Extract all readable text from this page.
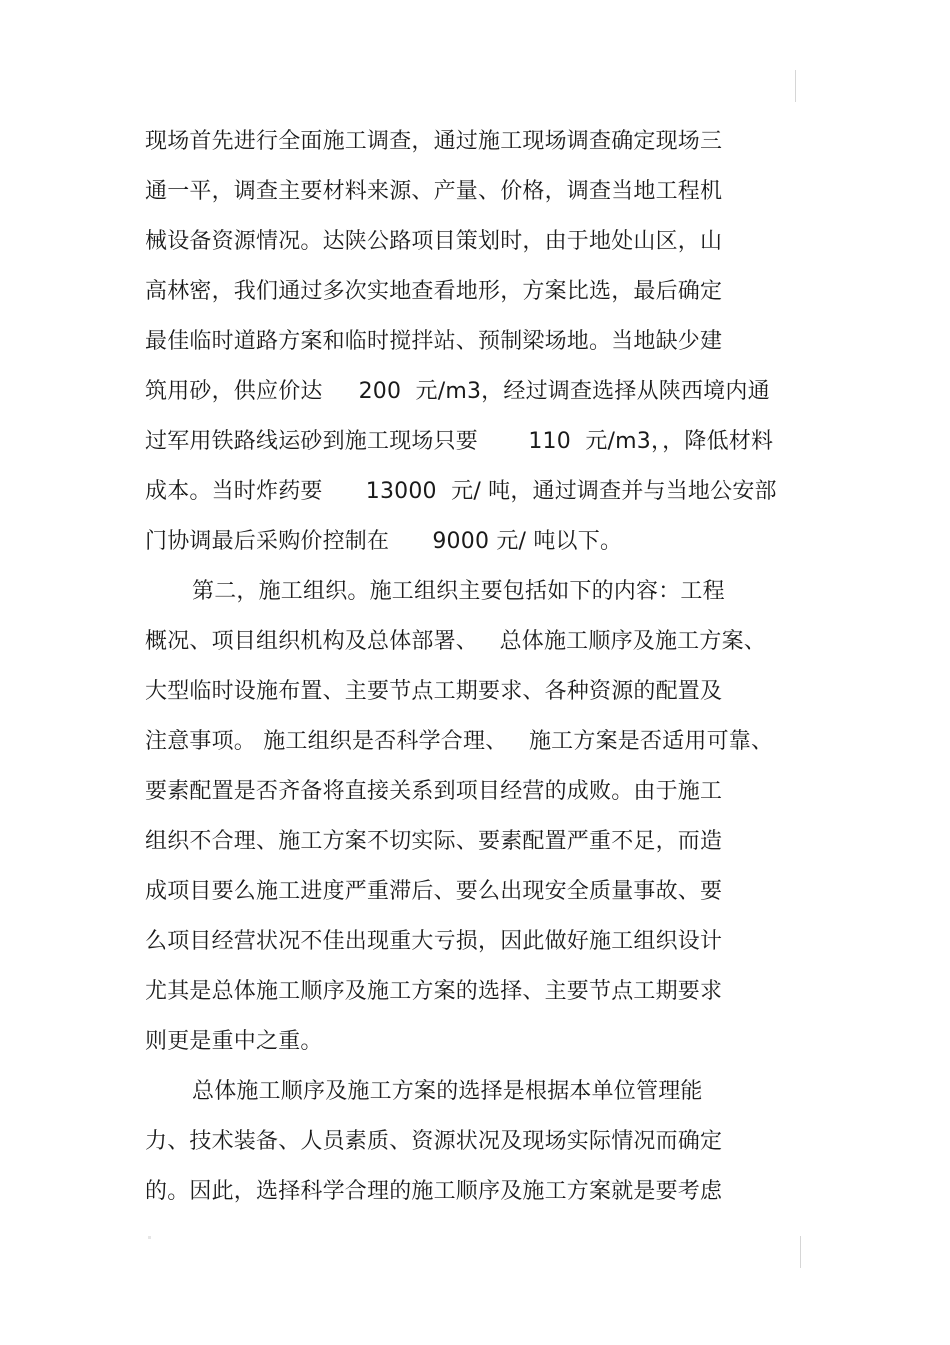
现场首先进行全面施工调查，通过施工现场调查确定现场三
通一平，调查主要材料来源、产量、价格，调查当地工程机
械设备资源情况。达陕公路项目策划时，由于地处山区，山
高林密，我们通过多次实地查看地形，方案比选，最后确定
最佳临时道路方案和临时搅拌站、预制梁场地。当地缺少建
筑用砂，供应价达     200  元/m3，经过调查选择从陕西境内通
过军用铁路线运砂到施工现场只要       110  元/m3，，降低材料
成本。当时炸药要      13000  元/ 吨，通过调查并与当地公安部
门协调最后采购价控制在      9000 元/ 吨以下。
第二，施工组织。施工组织主要包括如下的内容：工程
概况、项目组织机构及总体部署、   总体施工顺序及施工方案、
大型临时设施布置、主要节点工期要求、各种资源的配置及
注意事项。 施工组织是否科学合理、   施工方案是否适用可靠、
要素配置是否齐备将直接关系到项目经营的成败。由于施工
组织不合理、施工方案不切实际、要素配置严重不足，而造
成项目要么施工进度严重滞后、要么出现安全质量事故、要
么项目经营状况不佳出现重大亏损，因此做好施工组织设计
尤其是总体施工顺序及施工方案的选择、主要节点工期要求
则更是重中之重。
总体施工顺序及施工方案的选择是根据本单位管理能
力、技术装备、人员素质、资源状况及现场实际情况而确定
的。因此，选择科学合理的施工顺序及施工方案就是要考虑
